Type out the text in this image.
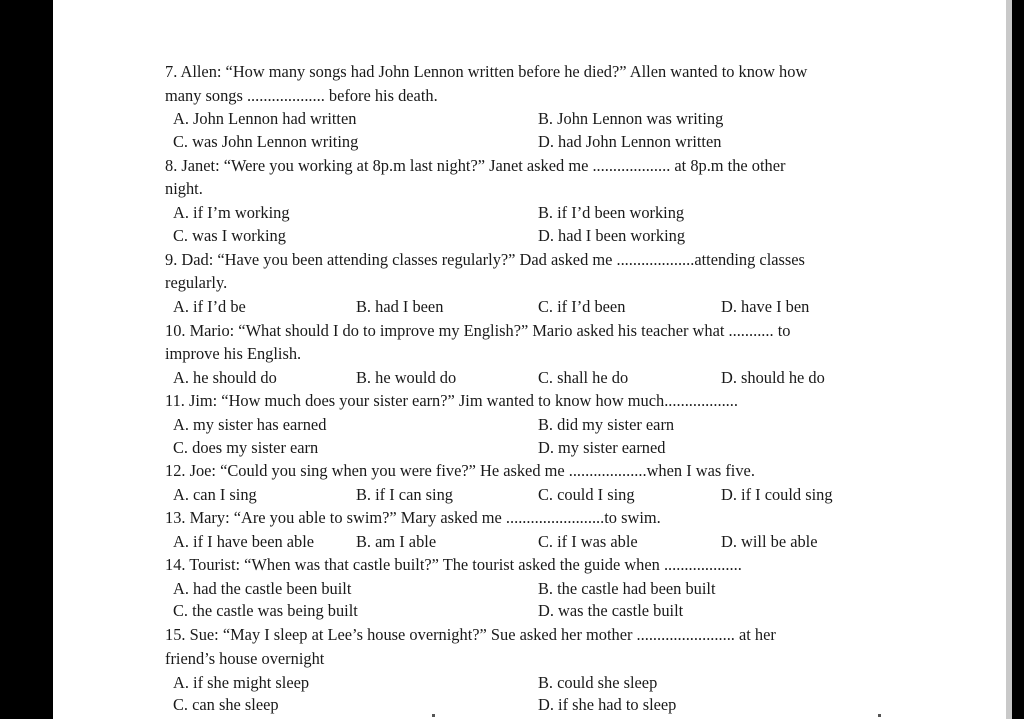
7. Allen: “How many songs had John Lennon written before he died?” Allen wanted to know how
many songs ................... before his death.
A. John Lennon had written	B. John Lennon was writing
C. was John Lennon writing	D. had John Lennon written
8. Janet: “Were you working at 8p.m last night?” Janet asked me ................... at 8p.m the other
night.
A. if I’m working	B. if I’d been working
C. was I working	D. had I been working
9. Dad: “Have you been attending classes regularly?” Dad asked me ...................attending classes
regularly.
A. if I’d be	B. had I been	C. if I’d been	D. have I ben
10. Mario: “What should I do to improve my English?” Mario asked his teacher what ........... to
improve his English.
A. he should do	B. he would do	C. shall he do	D. should he do
11. Jim: “How much does your sister earn?” Jim wanted to know how much..................
A. my sister has earned	B. did my sister earn
C. does my sister earn	D. my sister earned
12. Joe: “Could you sing when you were five?” He asked me ...................when I was five.
A. can I sing	B. if I can sing	C. could I sing	D. if I could sing
13. Mary: “Are you able to swim?” Mary asked me ........................to swim.
A. if I have been able	B. am I able	C. if I was able	D. will be able
14. Tourist: “When was that castle built?” The tourist asked the guide when ...................
A. had the castle been built	B. the castle had been built
C. the castle was being built	D. was the castle built
15. Sue: “May I sleep at Lee’s house overnight?” Sue asked her mother ........................ at her
friend’s house overnight
A. if she might sleep	B. could she sleep
C. can she sleep	D. if she had to sleep
